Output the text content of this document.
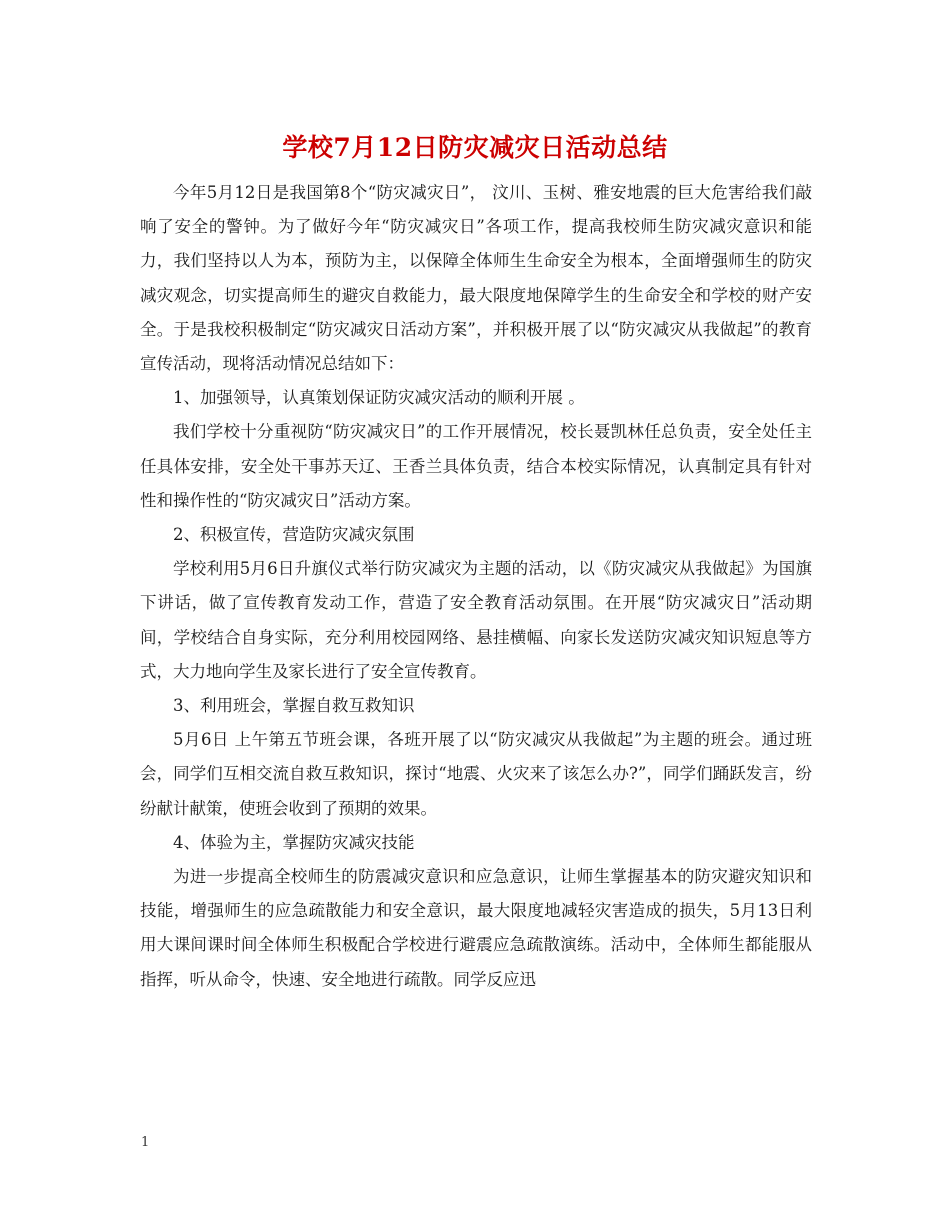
学校7月12日防灾减灾日活动总结

今年5月12日是我国第8个“防灾减灾日”， 汶川、玉树、雅安地震的巨大危害给我们敲响了安全的警钟。为了做好今年“防灾减灾日”各项工作，提高我校师生防灾减灾意识和能力，我们坚持以人为本，预防为主，以保障全体师生生命安全为根本，全面增强师生的防灾减灾观念，切实提高师生的避灾自救能力，最大限度地保障学生的生命安全和学校的财产安全。于是我校积极制定“防灾减灾日活动方案”，并积极开展了以“防灾减灾从我做起”的教育宣传活动，现将活动情况总结如下：

1、加强领导，认真策划保证防灾减灾活动的顺利开展 。

我们学校十分重视防“防灾减灾日”的工作开展情况，校长聂凯林任总负责，安全处任主任具体安排，安全处干事苏天辽、王香兰具体负责，结合本校实际情况，认真制定具有针对性和操作性的“防灾减灾日”活动方案。

2、积极宣传，营造防灾减灾氛围

学校利用5月6日升旗仪式举行防灾减灾为主题的活动，以《防灾减灾从我做起》为国旗下讲话，做了宣传教育发动工作，营造了安全教育活动氛围。在开展“防灾减灾日”活动期间，学校结合自身实际，充分利用校园网络、悬挂横幅、向家长发送防灾减灾知识短息等方式，大力地向学生及家长进行了安全宣传教育。

3、利用班会，掌握自救互救知识

5月6日 上午第五节班会课，各班开展了以“防灾减灾从我做起”为主题的班会。通过班会，同学们互相交流自救互救知识，探讨“地震、火灾来了该怎么办?”，同学们踊跃发言，纷纷献计献策，使班会收到了预期的效果。

4、体验为主，掌握防灾减灾技能

为进一步提高全校师生的防震减灾意识和应急意识，让师生掌握基本的防灾避灾知识和技能，增强师生的应急疏散能力和安全意识，最大限度地减轻灾害造成的损失，5月13日利用大课间课时间全体师生积极配合学校进行避震应急疏散演练。活动中，全体师生都能服从指挥，听从命令，快速、安全地进行疏散。同学反应迅

1
